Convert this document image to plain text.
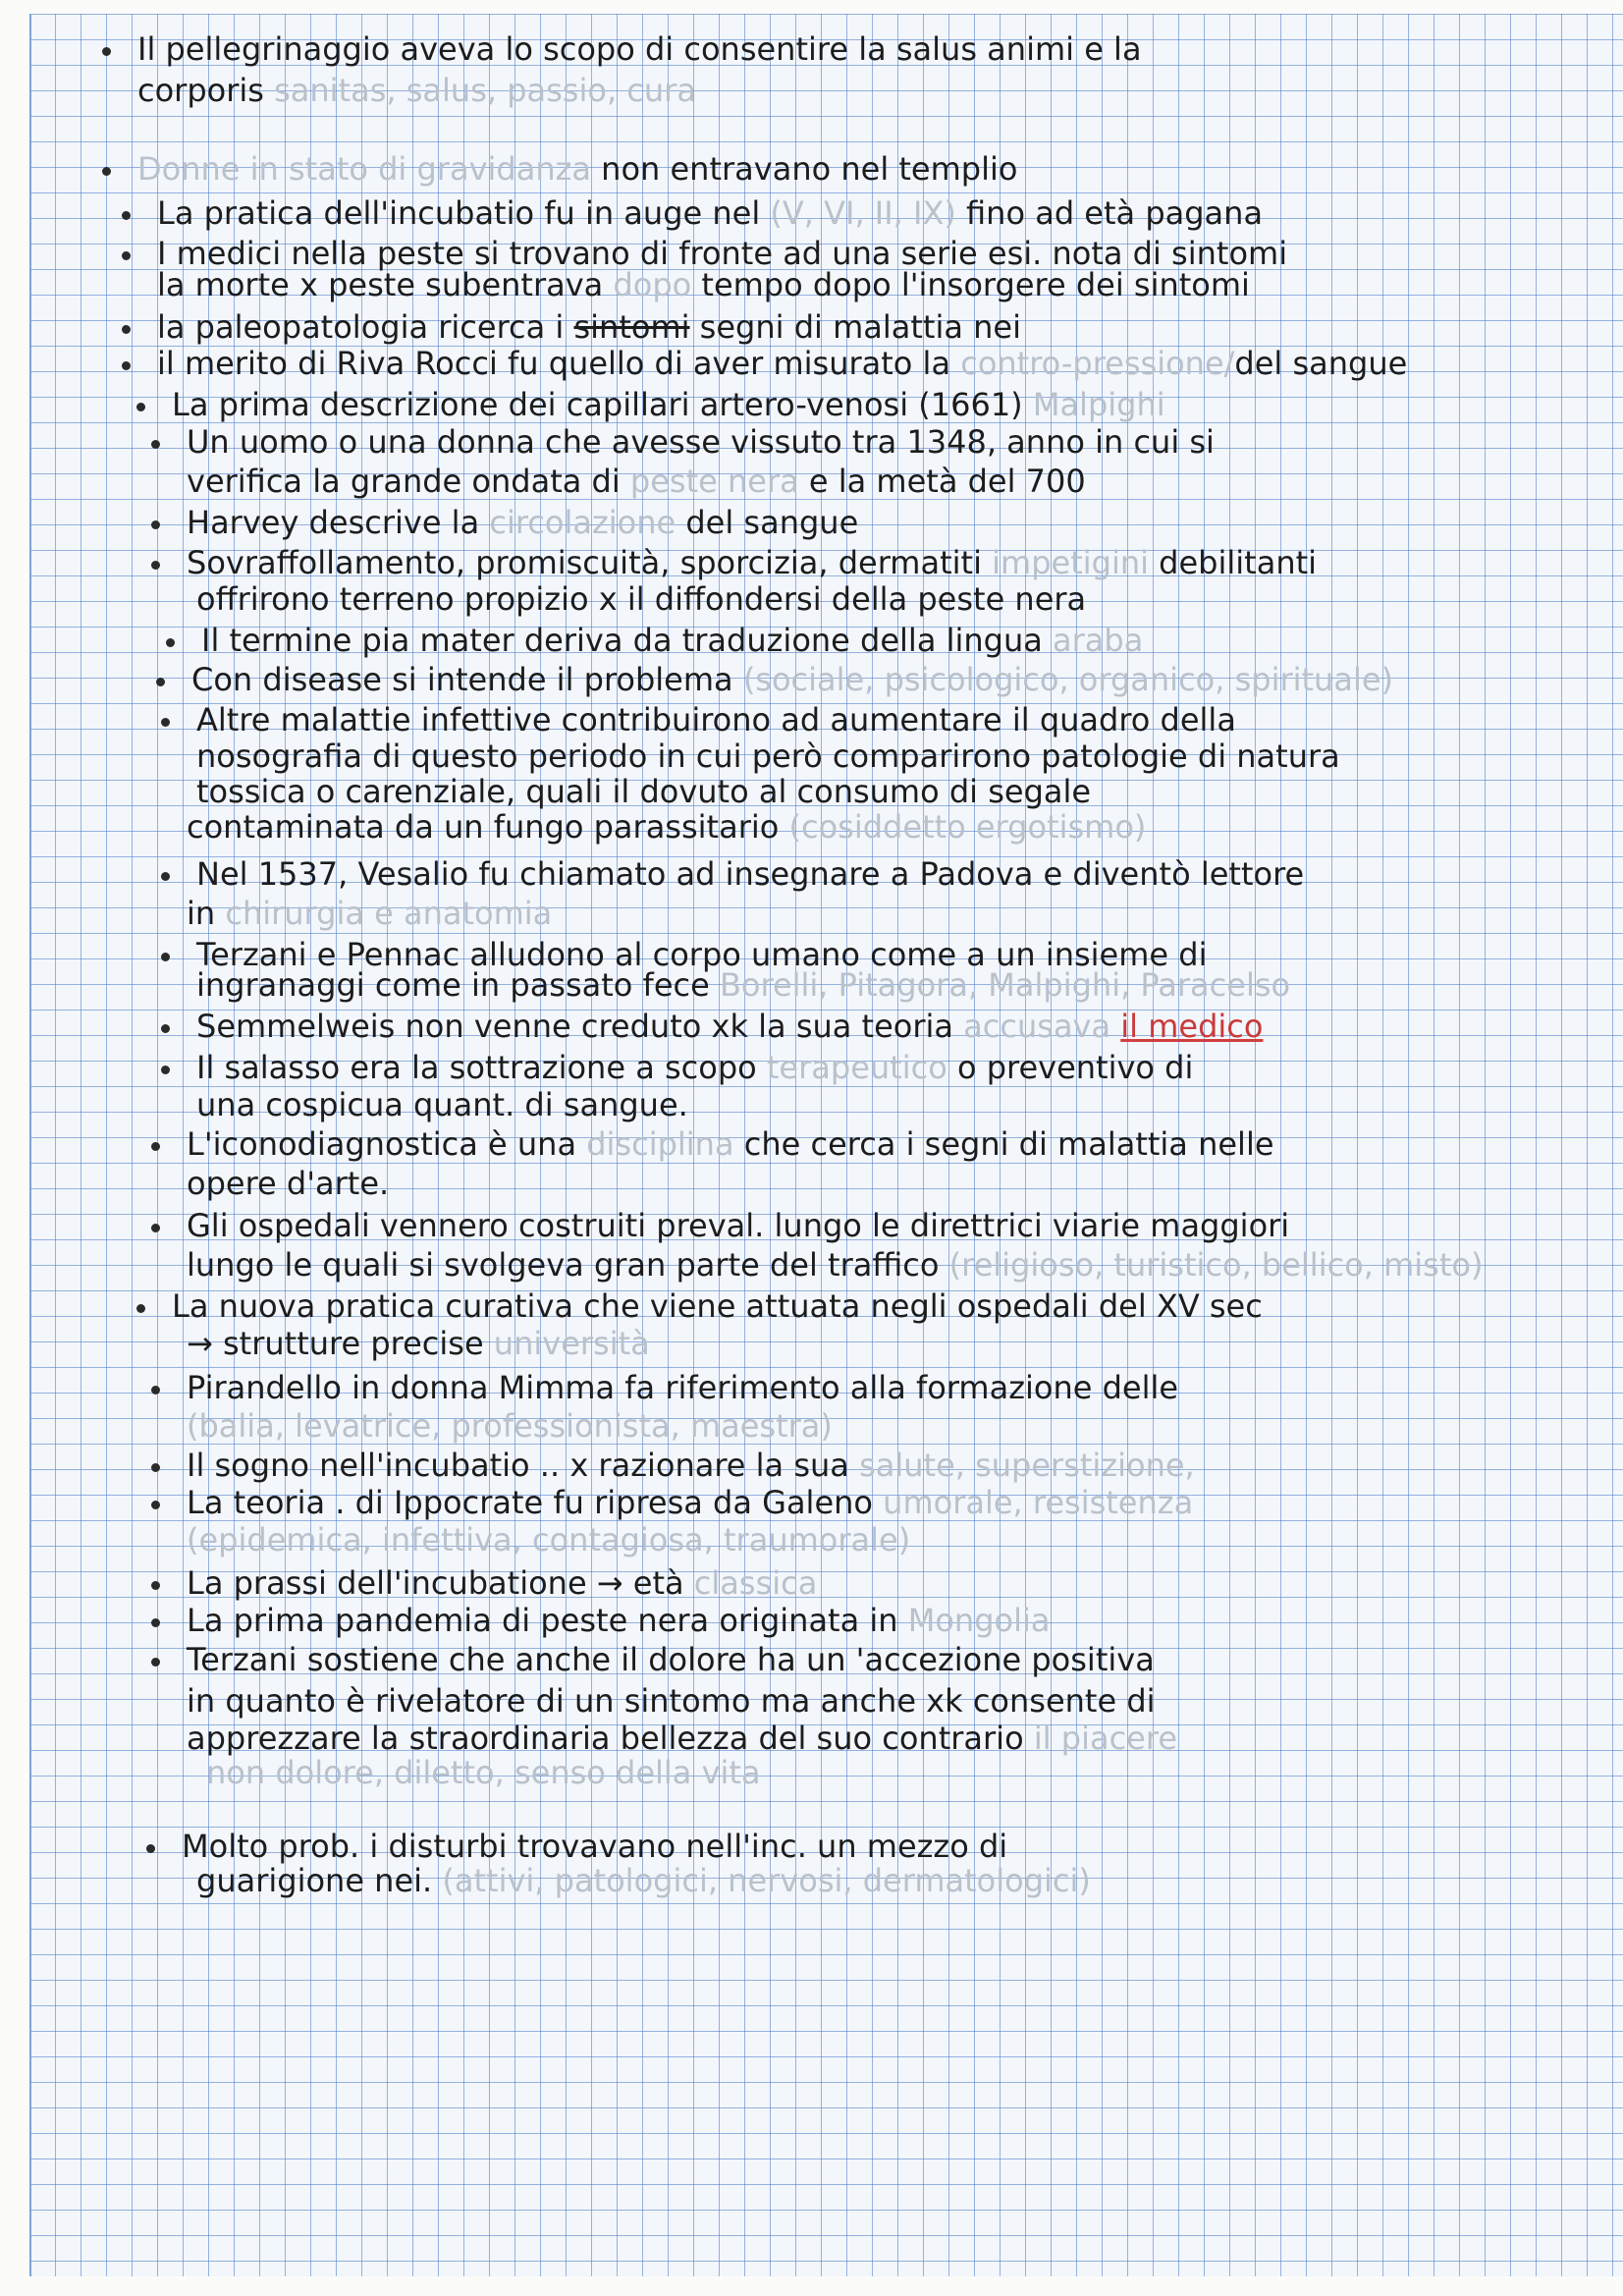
Il pellegrinaggio aveva lo scopo di consentire la salus animi e la
corporis sanitas, salus, passio, cura
Donne in stato di gravidanza non entravano nel templio
La pratica dell'incubatio fu in auge nel (V, VI, II, IX) fino ad età pagana
I medici nella peste si trovano di fronte ad una serie esi. nota di sintomi
la morte x peste subentrava dopo tempo dopo l'insorgere dei sintomi
la paleopatologia ricerca i sintomi segni di malattia nei
il merito di Riva Rocci fu quello di aver misurato la contro-pressione/del sangue
La prima descrizione dei capillari artero-venosi (1661) Malpighi
Un uomo o una donna che avesse vissuto tra 1348, anno in cui si
verifica la grande ondata di peste nera e la metà del 700
Harvey descrive la circolazione del sangue
Sovraffollamento, promiscuità, sporcizia, dermatiti impetigini debilitanti
offrirono terreno propizio x il diffondersi della peste nera
Il termine pia mater deriva da traduzione della lingua araba
Con disease si intende il problema (sociale, psicologico, organico, spirituale)
Altre malattie infettive contribuirono ad aumentare il quadro della
nosografia di questo periodo in cui però comparirono patologie di natura
tossica o carenziale, quali il dovuto al consumo di segale
contaminata da un fungo parassitario (cosiddetto ergotismo)
Nel 1537, Vesalio fu chiamato ad insegnare a Padova e diventò lettore
in chirurgia e anatomia
Terzani e Pennac alludono al corpo umano come a un insieme di
ingranaggi come in passato fece Borelli, Pitagora, Malpighi, Paracelso
Semmelweis non venne creduto xk la sua teoria accusava il medico
Il salasso era la sottrazione a scopo terapeutico o preventivo di
una cospicua quant. di sangue.
L'iconodiagnostica è una disciplina che cerca i segni di malattia nelle
opere d'arte.
Gli ospedali vennero costruiti preval. lungo le direttrici viarie maggiori
lungo le quali si svolgeva gran parte del traffico (religioso, turistico, bellico, misto)
La nuova pratica curativa che viene attuata negli ospedali del XV sec
→ strutture precise università
Pirandello in donna Mimma fa riferimento alla formazione delle
(balia, levatrice, professionista, maestra)
Il sogno nell'incubatio .. x razionare la sua salute, superstizione,
La teoria . di Ippocrate fu ripresa da Galeno umorale, resistenza
(epidemica, infettiva, contagiosa, traumorale)
La prassi dell'incubatione → età classica
La prima pandemia di peste nera originata in Mongolia
Terzani sostiene che anche il dolore ha un 'accezione positiva
in quanto è rivelatore di un sintomo ma anche xk consente di
apprezzare la straordinaria bellezza del suo contrario il piacere
non dolore, diletto, senso della vita
Molto prob. i disturbi trovavano nell'inc. un mezzo di
guarigione nei. (attivi, patologici, nervosi, dermatologici)
